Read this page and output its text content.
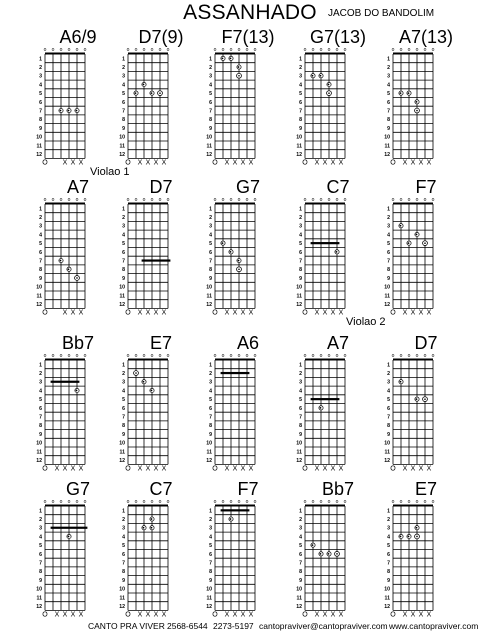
ASSANHADO	JACOB DO BANDOLIM
Violao 1
Violao 2
A6/9
o o o o o o
1
2
3
4
5
6
7
8
9
10
11
12
O X X X
D7(9)
o o o o o o
1
2
3
4
5
6
7
8
9
10
11
12
O X X X X
F7(13)
o o o o o o
1
2
3
4
5
6
7
8
9
10
11
12
O X X X X
G7(13)
o o o o o o
1
2
3
4
5
6
7
8
9
10
11
12
O X X X X
A7(13)
o o o o o o
1
2
3
4
5
6
7
8
9
10
11
12
O X X X X
A7
o o o o o o
1
2
3
4
5
6
7
8
9
10
11
12
O X X X
D7
o o o o o o
1
2
3
4
5
6
7
8
9
10
11
12
O X X X X
G7
o o o o o o
1
2
3
4
5
6
7
8
9
10
11
12
O X X X X
C7
o o o o o o
1
2
3
4
5
6
7
8
9
10
11
12
O X X X X
F7
o o o o o o
1
2
3
4
5
6
7
8
9
10
11
12
O X X X X
Bb7
o o o o o o
1
2
3
4
5
6
7
8
9
10
11
12
O X X X X
E7
o o o o o o
1
2
3
4
5
6
7
8
9
10
11
12
O X X X X
A6
o o o o o o
1
2
3
4
5
6
7
8
9
10
11
12
O X X X X
A7
o o o o o o
1
2
3
4
5
6
7
8
9
10
11
12
O X X X X
D7
o o o o o o
1
2
3
4
5
6
7
8
9
10
11
12
O X X X X
G7
o o o o o o
1
2
3
4
5
6
7
8
9
10
11
12
O X X X X
C7
o o o o o o
1
2
3
4
5
6
7
8
9
10
11
12
O X X X X
F7
o o o o o o
1
2
3
4
5
6
7
8
9
10
11
12
O X X X X
Bb7
o o o o o o
1
2
3
4
5
6
7
8
9
10
11
12
O X X X X
E7
o o o o o o
1
2
3
4
5
6
7
8
9
10
11
12
O X X X X
CANTO PRA VIVER 2568-6544 2273-5197 cantopraviver@cantopraviver.com www.cantopraviver.com
